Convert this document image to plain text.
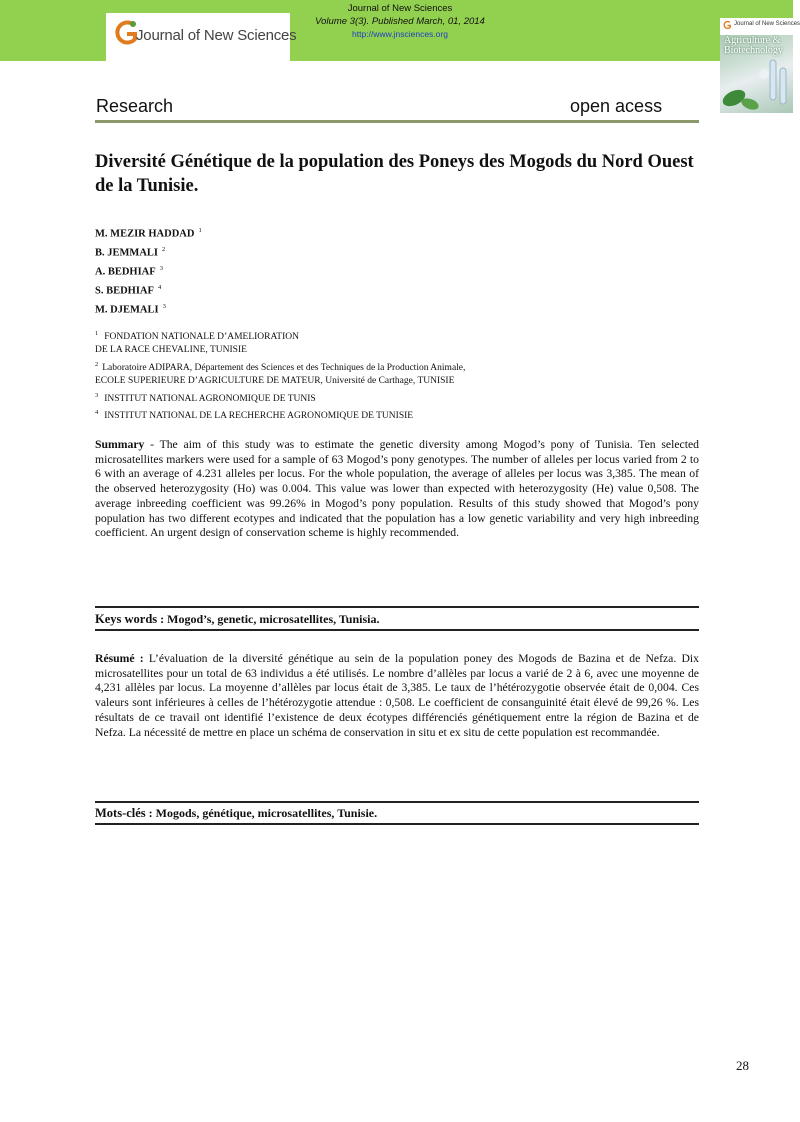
Journal of New Sciences
Journal of New Sciences
Volume 3(3). Published March, 01, 2014
http://www.jnsciences.org
Journal of New Sciences
Agriculture & Biotechnology
Research	open acess
Diversité Génétique de la population des Poneys des Mogods du Nord Ouest de la Tunisie.
M. MEZIR HADDAD $^1$
B. JEMMALI $^2$
A. BEDHIAF $^3$
S. BEDHIAF $^4$
M. DJEMALI $^3$
$^1$ FONDATION NATIONALE D’AMELIORATION
DE LA RACE CHEVALINE, TUNISIE
$^2$ Laboratoire ADIPARA, Département des Sciences et des Techniques de la Production Animale,
ECOLE SUPERIEURE D’AGRICULTURE DE MATEUR, Université de Carthage, TUNISIE
$^3$ INSTITUT NATIONAL AGRONOMIQUE DE TUNIS
$^4$ INSTITUT NATIONAL DE LA RECHERCHE AGRONOMIQUE DE TUNISIE
Summary - The aim of this study was to estimate the genetic diversity among Mogod’s pony of Tunisia. Ten selected microsatellites markers were used for a sample of 63 Mogod’s pony genotypes. The number of alleles per locus varied from 2 to 6 with an average of 4.231 alleles per locus. For the whole population, the average of alleles per locus was 3,385. The mean of the observed heterozygosity (Ho) was 0.004. This value was lower than expected with heterozygosity (He) value 0,508. The average inbreeding coefficient was 99.26% in Mogod’s pony population. Results of this study showed that Mogod’s pony population has two different ecotypes and indicated that the population has a low genetic variability and very high inbreeding coefficient. An urgent design of conservation scheme is highly recommended.
Keys words : Mogod’s, genetic, microsatellites, Tunisia.
Résumé : L’évaluation de la diversité génétique au sein de la population poney des Mogods de Bazina et de Nefza. Dix microsatellites pour un total de 63 individus a été utilisés. Le nombre d’allèles par locus a varié de 2 à 6, avec une moyenne de 4,231 allèles par locus. La moyenne d’allèles par locus était de 3,385. Le taux de l’hétérozygotie observée était de 0,004. Ces valeurs sont inférieures à celles de l’hétérozygotie attendue : 0,508. Le coefficient de consanguinité était élevé de 99,26 %. Les résultats de ce travail ont identifié l’existence de deux écotypes différenciés génétiquement entre la région de Bazina et de Nefza. La nécessité de mettre en place un schéma de conservation in situ et ex situ de cette population est recommandée.
Mots-clés : Mogods, génétique, microsatellites, Tunisie.
28
